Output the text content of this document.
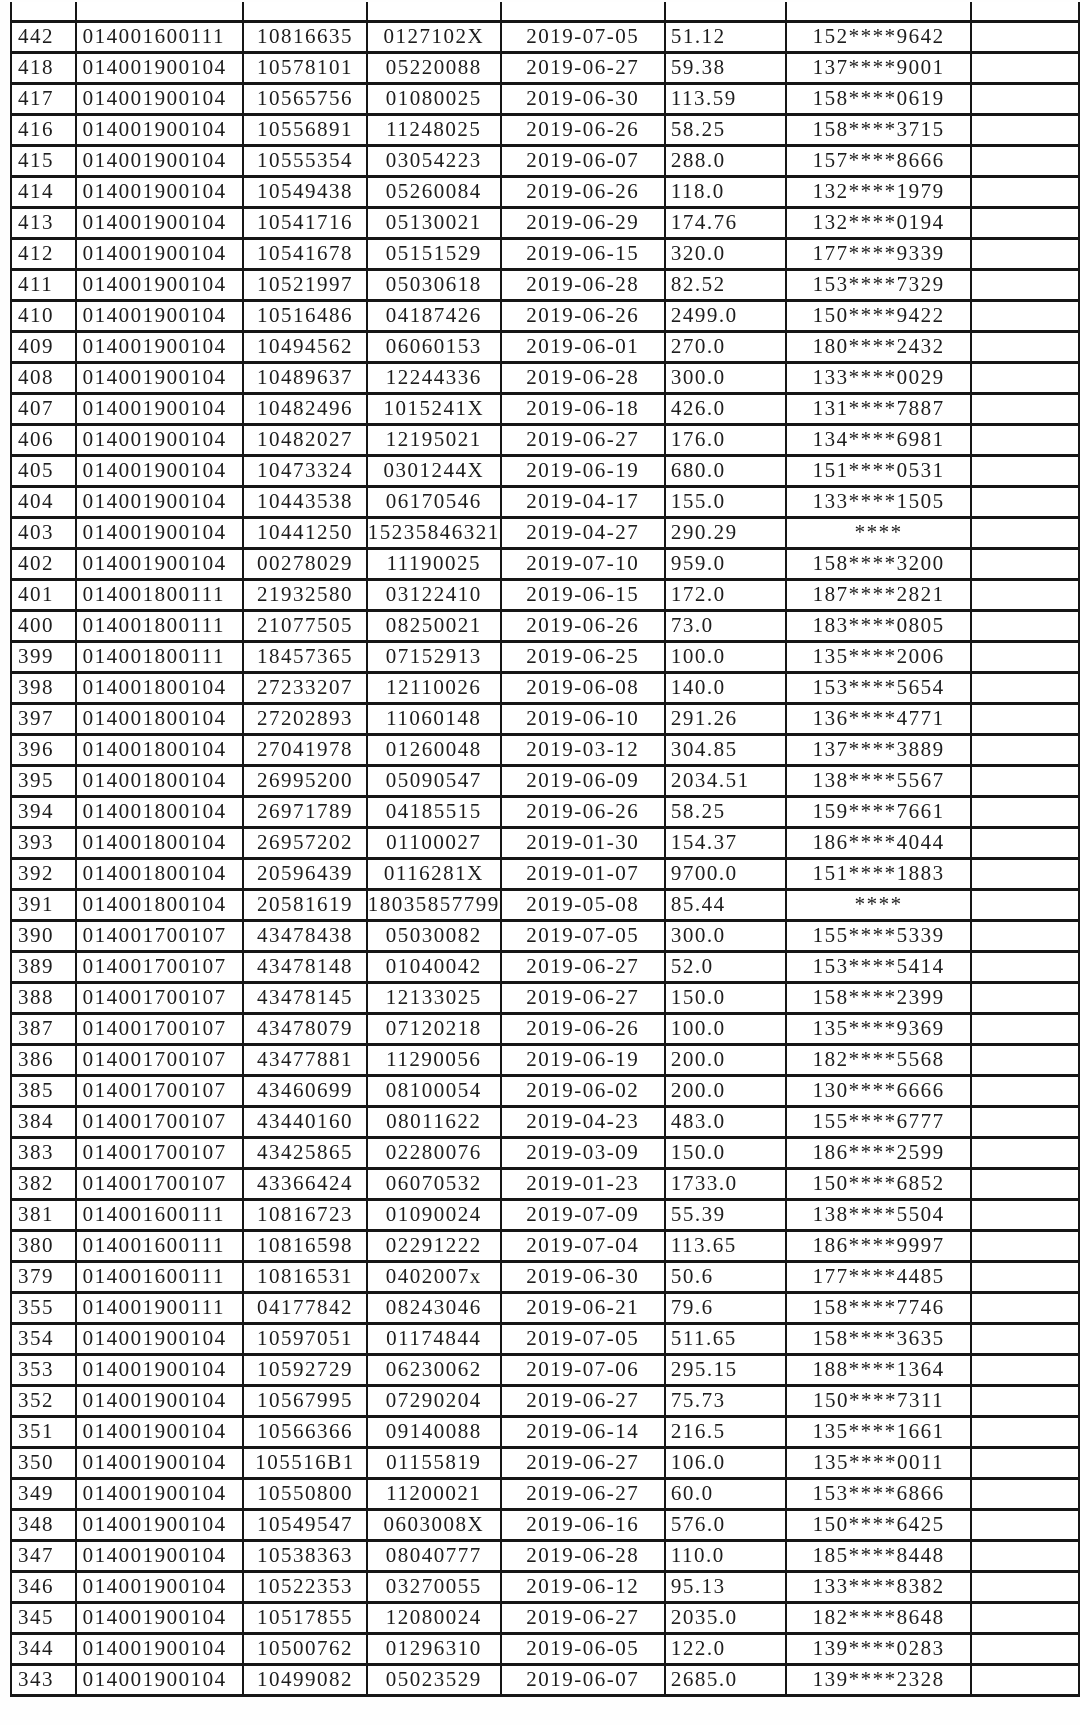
442	014001600111	10816635	0127102X	2019-07-05	51.12	152****9642	
418	014001900104	10578101	05220088	2019-06-27	59.38	137****9001	
417	014001900104	10565756	01080025	2019-06-30	113.59	158****0619	
416	014001900104	10556891	11248025	2019-06-26	58.25	158****3715	
415	014001900104	10555354	03054223	2019-06-07	288.0	157****8666	
414	014001900104	10549438	05260084	2019-06-26	118.0	132****1979	
413	014001900104	10541716	05130021	2019-06-29	174.76	132****0194	
412	014001900104	10541678	05151529	2019-06-15	320.0	177****9339	
411	014001900104	10521997	05030618	2019-06-28	82.52	153****7329	
410	014001900104	10516486	04187426	2019-06-26	2499.0	150****9422	
409	014001900104	10494562	06060153	2019-06-01	270.0	180****2432	
408	014001900104	10489637	12244336	2019-06-28	300.0	133****0029	
407	014001900104	10482496	1015241X	2019-06-18	426.0	131****7887	
406	014001900104	10482027	12195021	2019-06-27	176.0	134****6981	
405	014001900104	10473324	0301244X	2019-06-19	680.0	151****0531	
404	014001900104	10443538	06170546	2019-04-17	155.0	133****1505	
403	014001900104	10441250	15235846321	2019-04-27	290.29	****	
402	014001900104	00278029	11190025	2019-07-10	959.0	158****3200	
401	014001800111	21932580	03122410	2019-06-15	172.0	187****2821	
400	014001800111	21077505	08250021	2019-06-26	73.0	183****0805	
399	014001800111	18457365	07152913	2019-06-25	100.0	135****2006	
398	014001800104	27233207	12110026	2019-06-08	140.0	153****5654	
397	014001800104	27202893	11060148	2019-06-10	291.26	136****4771	
396	014001800104	27041978	01260048	2019-03-12	304.85	137****3889	
395	014001800104	26995200	05090547	2019-06-09	2034.51	138****5567	
394	014001800104	26971789	04185515	2019-06-26	58.25	159****7661	
393	014001800104	26957202	01100027	2019-01-30	154.37	186****4044	
392	014001800104	20596439	0116281X	2019-01-07	9700.0	151****1883	
391	014001800104	20581619	18035857799	2019-05-08	85.44	****	
390	014001700107	43478438	05030082	2019-07-05	300.0	155****5339	
389	014001700107	43478148	01040042	2019-06-27	52.0	153****5414	
388	014001700107	43478145	12133025	2019-06-27	150.0	158****2399	
387	014001700107	43478079	07120218	2019-06-26	100.0	135****9369	
386	014001700107	43477881	11290056	2019-06-19	200.0	182****5568	
385	014001700107	43460699	08100054	2019-06-02	200.0	130****6666	
384	014001700107	43440160	08011622	2019-04-23	483.0	155****6777	
383	014001700107	43425865	02280076	2019-03-09	150.0	186****2599	
382	014001700107	43366424	06070532	2019-01-23	1733.0	150****6852	
381	014001600111	10816723	01090024	2019-07-09	55.39	138****5504	
380	014001600111	10816598	02291222	2019-07-04	113.65	186****9997	
379	014001600111	10816531	0402007x	2019-06-30	50.6	177****4485	
355	014001900111	04177842	08243046	2019-06-21	79.6	158****7746	
354	014001900104	10597051	01174844	2019-07-05	511.65	158****3635	
353	014001900104	10592729	06230062	2019-07-06	295.15	188****1364	
352	014001900104	10567995	07290204	2019-06-27	75.73	150****7311	
351	014001900104	10566366	09140088	2019-06-14	216.5	135****1661	
350	014001900104	105516B1	01155819	2019-06-27	106.0	135****0011	
349	014001900104	10550800	11200021	2019-06-27	60.0	153****6866	
348	014001900104	10549547	0603008X	2019-06-16	576.0	150****6425	
347	014001900104	10538363	08040777	2019-06-28	110.0	185****8448	
346	014001900104	10522353	03270055	2019-06-12	95.13	133****8382	
345	014001900104	10517855	12080024	2019-06-27	2035.0	182****8648	
344	014001900104	10500762	01296310	2019-06-05	122.0	139****0283	
343	014001900104	10499082	05023529	2019-06-07	2685.0	139****2328	
